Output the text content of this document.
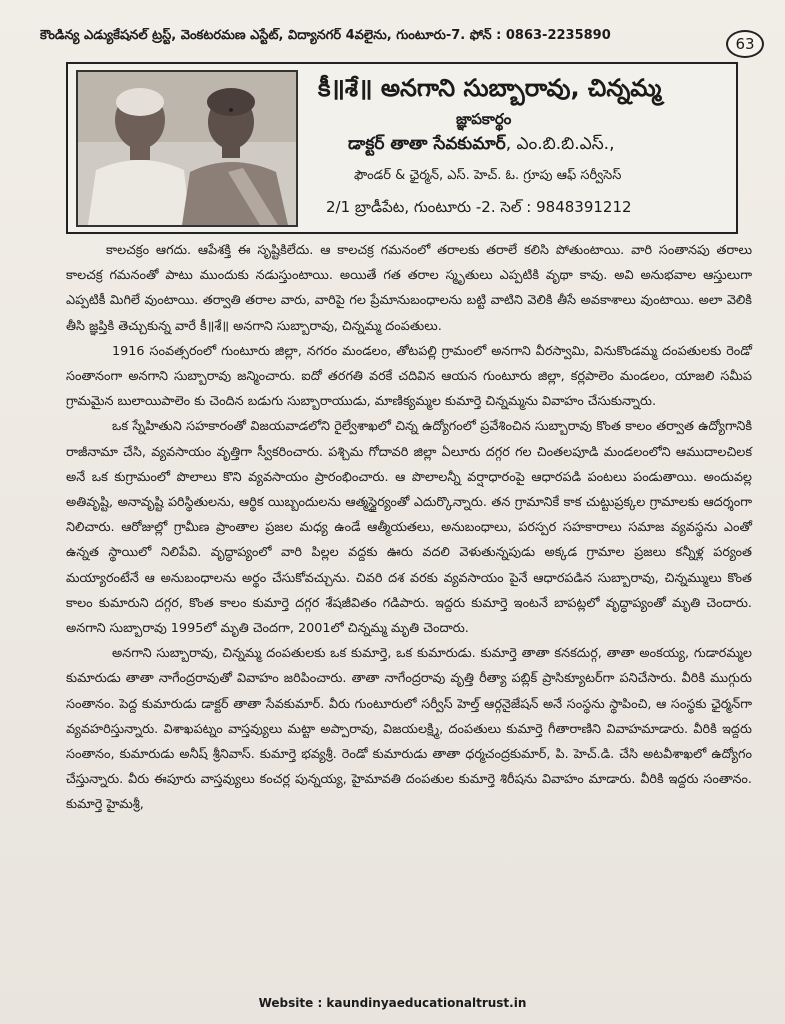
కౌండిన్య ఎడ్యుకేషనల్ ట్రస్ట్, వెంకటరమణ ఎస్టేట్, విద్యానగర్ 4వలైను, గుంటూరు-7. ఫోన్ : 0863-2235890	63
కీ॥శే॥ అనగాని సుబ్బారావు, చిన్నమ్మ
జ్ఞాపకార్థం
డాక్టర్ తాతా సేవకుమార్, ఎం.బి.బి.ఎస్.,
ఫౌండర్ & ఛైర్మన్, ఎస్. హెచ్. ఓ. గ్రూపు ఆఫ్ సర్వీసెస్
2/1 బ్రాడీపేట, గుంటూరు -2. సెల్ : 9848391212

కాలచక్రం ఆగదు. ఆపేశక్తి ఈ సృష్టికిలేదు. ఆ కాలచక్ర గమనంలో తరాలకు తరాలే కలిసి పోతుంటాయి. వారి సంతానపు తరాలు కాలచక్ర గమనంతో పాటు ముందుకు నడుస్తుంటాయి. అయితే గత తరాల స్మృతులు ఎప్పటికి వృథా కావు. అవి అనుభవాల ఆస్తులుగా ఎప్పటికీ మిగిలే వుంటాయి. తర్వాతి తరాల వారు, వారిపై గల ప్రేమానుబంధాలను బట్టి వాటిని వెలికి తీసే అవకాశాలు వుంటాయి. అలా వెలికి తీసి జ్ఞప్తికి తెచ్చుకున్న వారే కీ॥శే॥ అనగాని సుబ్బారావు, చిన్నమ్మ దంపతులు.

1916 సంవత్సరంలో గుంటూరు జిల్లా, నగరం మండలం, తోటపల్లి గ్రామంలో అనగాని వీరస్వామి, వినుకొండమ్మ దంపతులకు రెండో సంతానంగా అనగాని సుబ్బారావు జన్మించారు. ఐదో తరగతి వరకే చదివిన ఆయన గుంటూరు జిల్లా, కర్లపాలెం మండలం, యాజలి సమీప గ్రామమైన బులాయిపాలెం కు చెందిన బడుగు సుబ్బారాయుడు, మాణిక్యమ్మల కుమార్తె చిన్నమ్మను వివాహం చేసుకున్నారు.

ఒక స్నేహితుని సహకారంతో విజయవాడలోని రైల్వేశాఖలో చిన్న ఉద్యోగంలో ప్రవేశించిన సుబ్బారావు కొంత కాలం తర్వాత ఉద్యోగానికి రాజీనామా చేసి, వ్యవసాయం వృత్తిగా స్వీకరించారు. పశ్చిమ గోదావరి జిల్లా ఏలూరు దగ్గర గల చింతలపూడి మండలంలోని ఆముదాలచిలక అనే ఒక కుగ్రామంలో పొలాలు కొని వ్యవసాయం ప్రారంభించారు. ఆ పొలాలన్నీ వర్షాధారంపై ఆధారపడి పంటలు పండుతాయి. అందువల్ల అతివృష్టి, అనావృష్టి పరిస్థితులను, ఆర్థిక యిబ్బందులను ఆత్మస్థైర్యంతో ఎదుర్కొన్నారు. తన గ్రామానికే కాక చుట్టుప్రక్కల గ్రామాలకు ఆదర్శంగా నిలిచారు. ఆరోజుల్లో గ్రామీణ ప్రాంతాల ప్రజల మధ్య ఉండే ఆత్మీయతలు, అనుబంధాలు, పరస్పర సహకారాలు సమాజ వ్యవస్థను ఎంతో ఉన్నత స్థాయిలో నిలిపేవి. వృద్ధాప్యంలో వారి పిల్లల వద్దకు ఊరు వదలి వెళుతున్నపుడు అక్కడ గ్రామాల ప్రజలు కన్నీళ్ల పర్యంత మయ్యారంటేనే ఆ అనుబంధాలను అర్థం చేసుకోవచ్చును. చివరి దశ వరకు వ్యవసాయం పైనే ఆధారపడిన సుబ్బారావు, చిన్నమ్ములు కొంత కాలం కుమారుని దగ్గర, కొంత కాలం కుమార్తె దగ్గర శేషజీవితం గడిపారు. ఇద్దరు కుమార్తె ఇంటనే బాపట్లలో వృద్ధాప్యంతో మృతి చెందారు. అనగాని సుబ్బారావు 1995లో మృతి చెందగా, 2001లో చిన్నమ్మ మృతి చెందారు.

అనగాని సుబ్బారావు, చిన్నమ్మ దంపతులకు ఒక కుమార్తె, ఒక కుమారుడు. కుమార్తె తాతా కనకదుర్గ, తాతా అంకయ్య, గుడారమ్మల కుమారుడు తాతా నాగేంద్రరావుతో వివాహం జరిపించారు. తాతా నాగేంద్రరావు వృత్తి రీత్యా పబ్లిక్ ప్రాసిక్యూటర్‌గా పనిచేసారు. వీరికి ముగ్గురు సంతానం. పెద్ద కుమారుడు డాక్టర్ తాతా సేవకుమార్. వీరు గుంటూరులో సర్వీస్ హెల్త్ ఆర్గనైజేషన్ అనే సంస్థను స్థాపించి, ఆ సంస్థకు ఛైర్మన్‌గా వ్యవహరిస్తున్నారు. విశాఖపట్నం వాస్తవ్యులు మట్టా అప్పారావు, విజయలక్ష్మి, దంపతులు కుమార్తె గీతారాణిని వివాహమాడారు. వీరికి ఇద్దరు సంతానం, కుమారుడు అనీష్ శ్రీనివాస్. కుమార్తె భవ్యశ్రీ. రెండో కుమారుడు తాతా ధర్మచంద్రకుమార్, పి. హెచ్.డి. చేసి అటవీశాఖలో ఉద్యోగం చేస్తున్నారు. వీరు ఈపూరు వాస్తవ్యులు కంచర్ల పున్నయ్య, హైమావతి దంపతుల కుమార్తె శిరీషను వివాహం మాడారు. వీరికి ఇద్దరు సంతానం. కుమార్తె హైమశ్రీ,

Website : kaundinyaeducationaltrust.in
